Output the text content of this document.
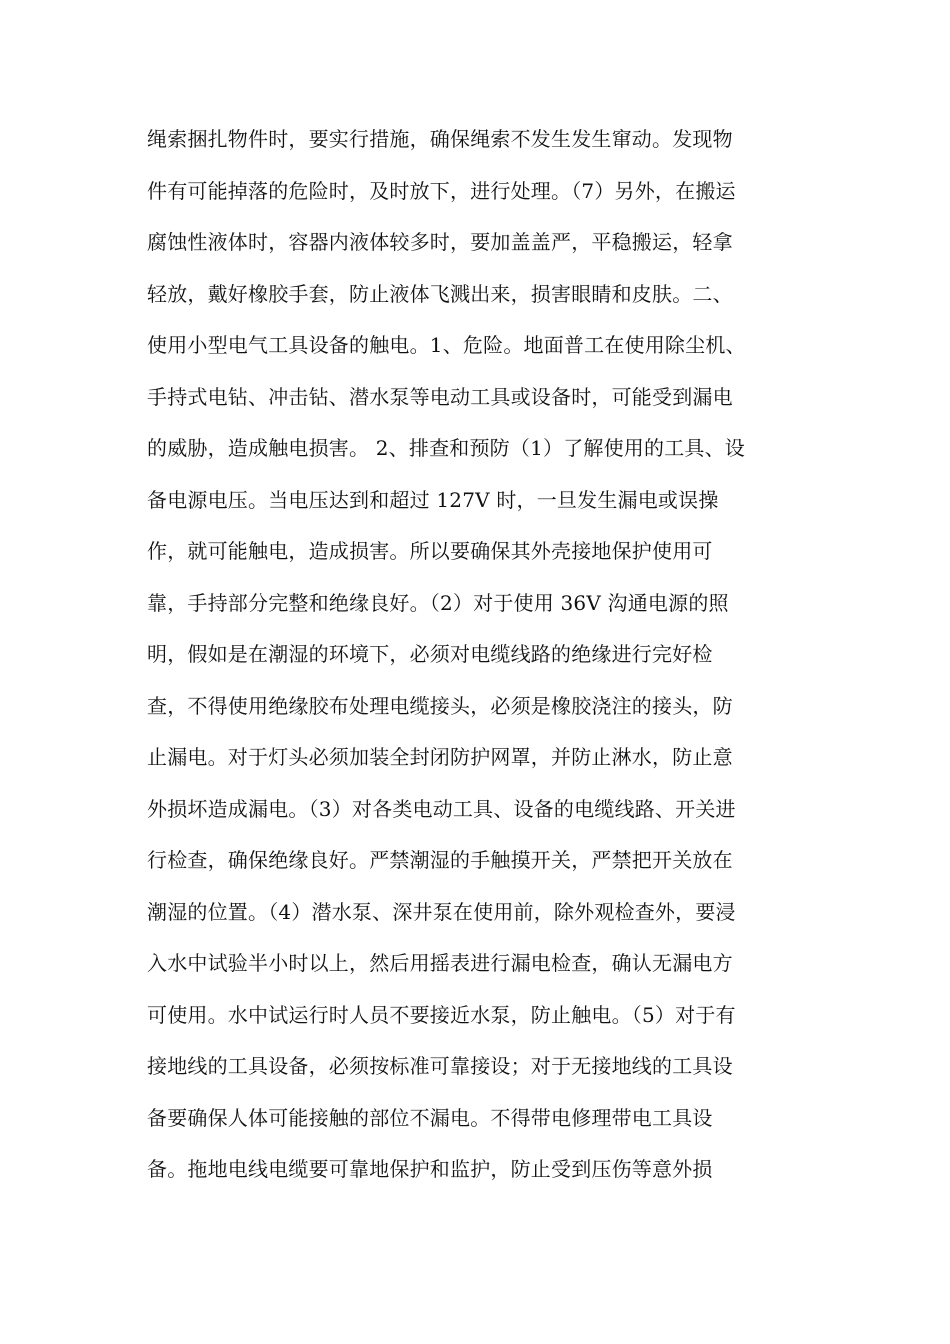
绳索捆扎物件时，要实行措施，确保绳索不发生发生窜动。发现物
件有可能掉落的危险时，及时放下，进行处理。（7）另外，在搬运
腐蚀性液体时，容器内液体较多时，要加盖盖严，平稳搬运，轻拿
轻放，戴好橡胶手套，防止液体飞溅出来，损害眼睛和皮肤。二、
使用小型电气工具设备的触电。1、危险。地面普工在使用除尘机、
手持式电钻、冲击钻、潜水泵等电动工具或设备时，可能受到漏电
的威胁，造成触电损害。 2、排查和预防（1）了解使用的工具、设
备电源电压。当电压达到和超过 127V 时，一旦发生漏电或误操
作，就可能触电，造成损害。所以要确保其外壳接地保护使用可
靠，手持部分完整和绝缘良好。（2）对于使用 36V 沟通电源的照
明，假如是在潮湿的环境下，必须对电缆线路的绝缘进行完好检
查，不得使用绝缘胶布处理电缆接头，必须是橡胶浇注的接头，防
止漏电。对于灯头必须加装全封闭防护网罩，并防止淋水，防止意
外损坏造成漏电。（3）对各类电动工具、设备的电缆线路、开关进
行检查，确保绝缘良好。严禁潮湿的手触摸开关，严禁把开关放在
潮湿的位置。（4）潜水泵、深井泵在使用前，除外观检查外，要浸
入水中试验半小时以上，然后用摇表进行漏电检查，确认无漏电方
可使用。水中试运行时人员不要接近水泵，防止触电。（5）对于有
接地线的工具设备，必须按标准可靠接设；对于无接地线的工具设
备要确保人体可能接触的部位不漏电。不得带电修理带电工具设
备。拖地电线电缆要可靠地保护和监护，防止受到压伤等意外损
